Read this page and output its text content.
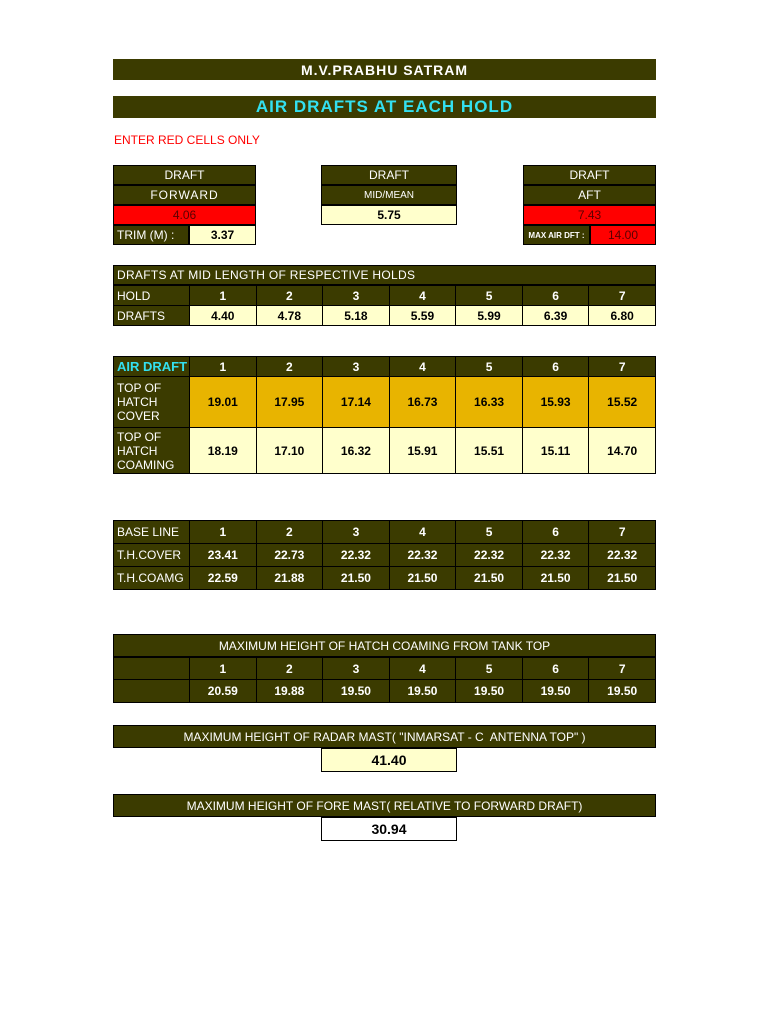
M.V.PRABHU SATRAM
AIR DRAFTS AT EACH HOLD
ENTER RED CELLS ONLY
DRAFT
FORWARD
4.06
TRIM (M) :	3.37
DRAFT
MID/MEAN
5.75
DRAFT
AFT
7.43
MAX AIR DFT :	14.00
DRAFTS AT MID LENGTH OF RESPECTIVE HOLDS
HOLD	1	2	3	4	5	6	7
DRAFTS	4.40	4.78	5.18	5.59	5.99	6.39	6.80
AIR DRAFT	1	2	3	4	5	6	7

TOP OF
HATCH
COVER	19.01	17.95	17.14	16.73	16.33	15.93	15.52

TOP OF
HATCH
COAMING	18.19	17.10	16.32	15.91	15.51	15.11	14.70
BASE LINE	1	2	3	4	5	6	7
T.H.COVER	23.41	22.73	22.32	22.32	22.32	22.32	22.32
T.H.COAMG	22.59	21.88	21.50	21.50	21.50	21.50	21.50
MAXIMUM HEIGHT OF HATCH COAMING FROM TANK TOP
	1	2	3	4	5	6	7
	20.59	19.88	19.50	19.50	19.50	19.50	19.50
MAXIMUM HEIGHT OF RADAR MAST( "INMARSAT - C  ANTENNA TOP" )
41.40
MAXIMUM HEIGHT OF FORE MAST( RELATIVE TO FORWARD DRAFT)
30.94
